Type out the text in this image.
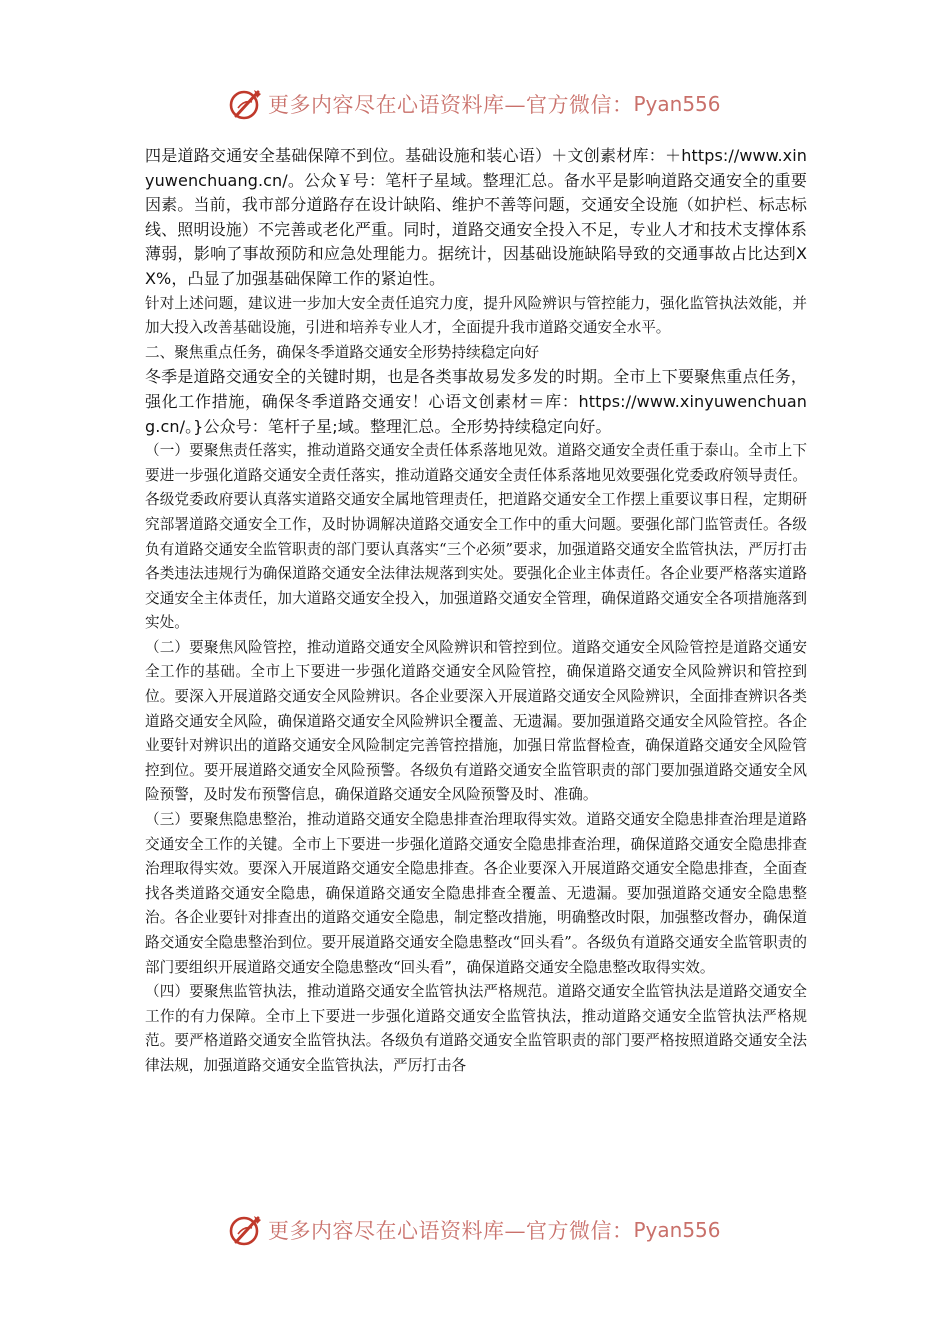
更多内容尽在心语资料库—官方微信： Pyan556

四是道路交通安全基础保障不到位。基础设施和装心语）＋文创素材库：＋https://www.xinyuwenchuang.cn/。公众￥号：笔杆子星域。整理汇总。备水平是影响道路交通安全的重要因素。当前，我市部分道路存在设计缺陷、维护不善等问题，交通安全设施（如护栏、标志标线、照明设施）不完善或老化严重。同时，道路交通安全投入不足，专业人才和技术支撑体系薄弱，影响了事故预防和应急处理能力。据统计，因基础设施缺陷导致的交通事故占比达到XX%，凸显了加强基础保障工作的紧迫性。

针对上述问题，建议进一步加大安全责任追究力度，提升风险辨识与管控能力，强化监管执法效能，并加大投入改善基础设施，引进和培养专业人才，全面提升我市道路交通安全水平。

二、聚焦重点任务，确保冬季道路交通安全形势持续稳定向好

冬季是道路交通安全的关键时期，也是各类事故易发多发的时期。全市上下要聚焦重点任务，强化工作措施，确保冬季道路交通安！心语文创素材＝库：https://www.xinyuwenchuang.cn/。}公众号：笔杆子星;域。整理汇总。全形势持续稳定向好。

（一）要聚焦责任落实，推动道路交通安全责任体系落地见效。道路交通安全责任重于泰山。全市上下要进一步强化道路交通安全责任落实，推动道路交通安全责任体系落地见效要强化党委政府领导责任。各级党委政府要认真落实道路交通安全属地管理责任，把道路交通安全工作摆上重要议事日程，定期研究部署道路交通安全工作，及时协调解决道路交通安全工作中的重大问题。要强化部门监管责任。各级负有道路交通安全监管职责的部门要认真落实“三个必须”要求，加强道路交通安全监管执法，严厉打击各类违法违规行为确保道路交通安全法律法规落到实处。要强化企业主体责任。各企业要严格落实道路交通安全主体责任，加大道路交通安全投入，加强道路交通安全管理，确保道路交通安全各项措施落到实处。

（二）要聚焦风险管控，推动道路交通安全风险辨识和管控到位。道路交通安全风险管控是道路交通安全工作的基础。全市上下要进一步强化道路交通安全风险管控，确保道路交通安全风险辨识和管控到位。要深入开展道路交通安全风险辨识。各企业要深入开展道路交通安全风险辨识，全面排查辨识各类道路交通安全风险，确保道路交通安全风险辨识全覆盖、无遗漏。要加强道路交通安全风险管控。各企业要针对辨识出的道路交通安全风险制定完善管控措施，加强日常监督检查，确保道路交通安全风险管控到位。要开展道路交通安全风险预警。各级负有道路交通安全监管职责的部门要加强道路交通安全风险预警，及时发布预警信息，确保道路交通安全风险预警及时、准确。

（三）要聚焦隐患整治，推动道路交通安全隐患排查治理取得实效。道路交通安全隐患排查治理是道路交通安全工作的关键。全市上下要进一步强化道路交通安全隐患排查治理，确保道路交通安全隐患排查治理取得实效。要深入开展道路交通安全隐患排查。各企业要深入开展道路交通安全隐患排查，全面查找各类道路交通安全隐患，确保道路交通安全隐患排查全覆盖、无遗漏。要加强道路交通安全隐患整治。各企业要针对排查出的道路交通安全隐患，制定整改措施，明确整改时限，加强整改督办，确保道路交通安全隐患整治到位。要开展道路交通安全隐患整改“回头看”。各级负有道路交通安全监管职责的部门要组织开展道路交通安全隐患整改“回头看”，确保道路交通安全隐患整改取得实效。

（四）要聚焦监管执法，推动道路交通安全监管执法严格规范。道路交通安全监管执法是道路交通安全工作的有力保障。全市上下要进一步强化道路交通安全监管执法，推动道路交通安全监管执法严格规范。要严格道路交通安全监管执法。各级负有道路交通安全监管职责的部门要严格按照道路交通安全法律法规，加强道路交通安全监管执法，严厉打击各

更多内容尽在心语资料库—官方微信： Pyan556
